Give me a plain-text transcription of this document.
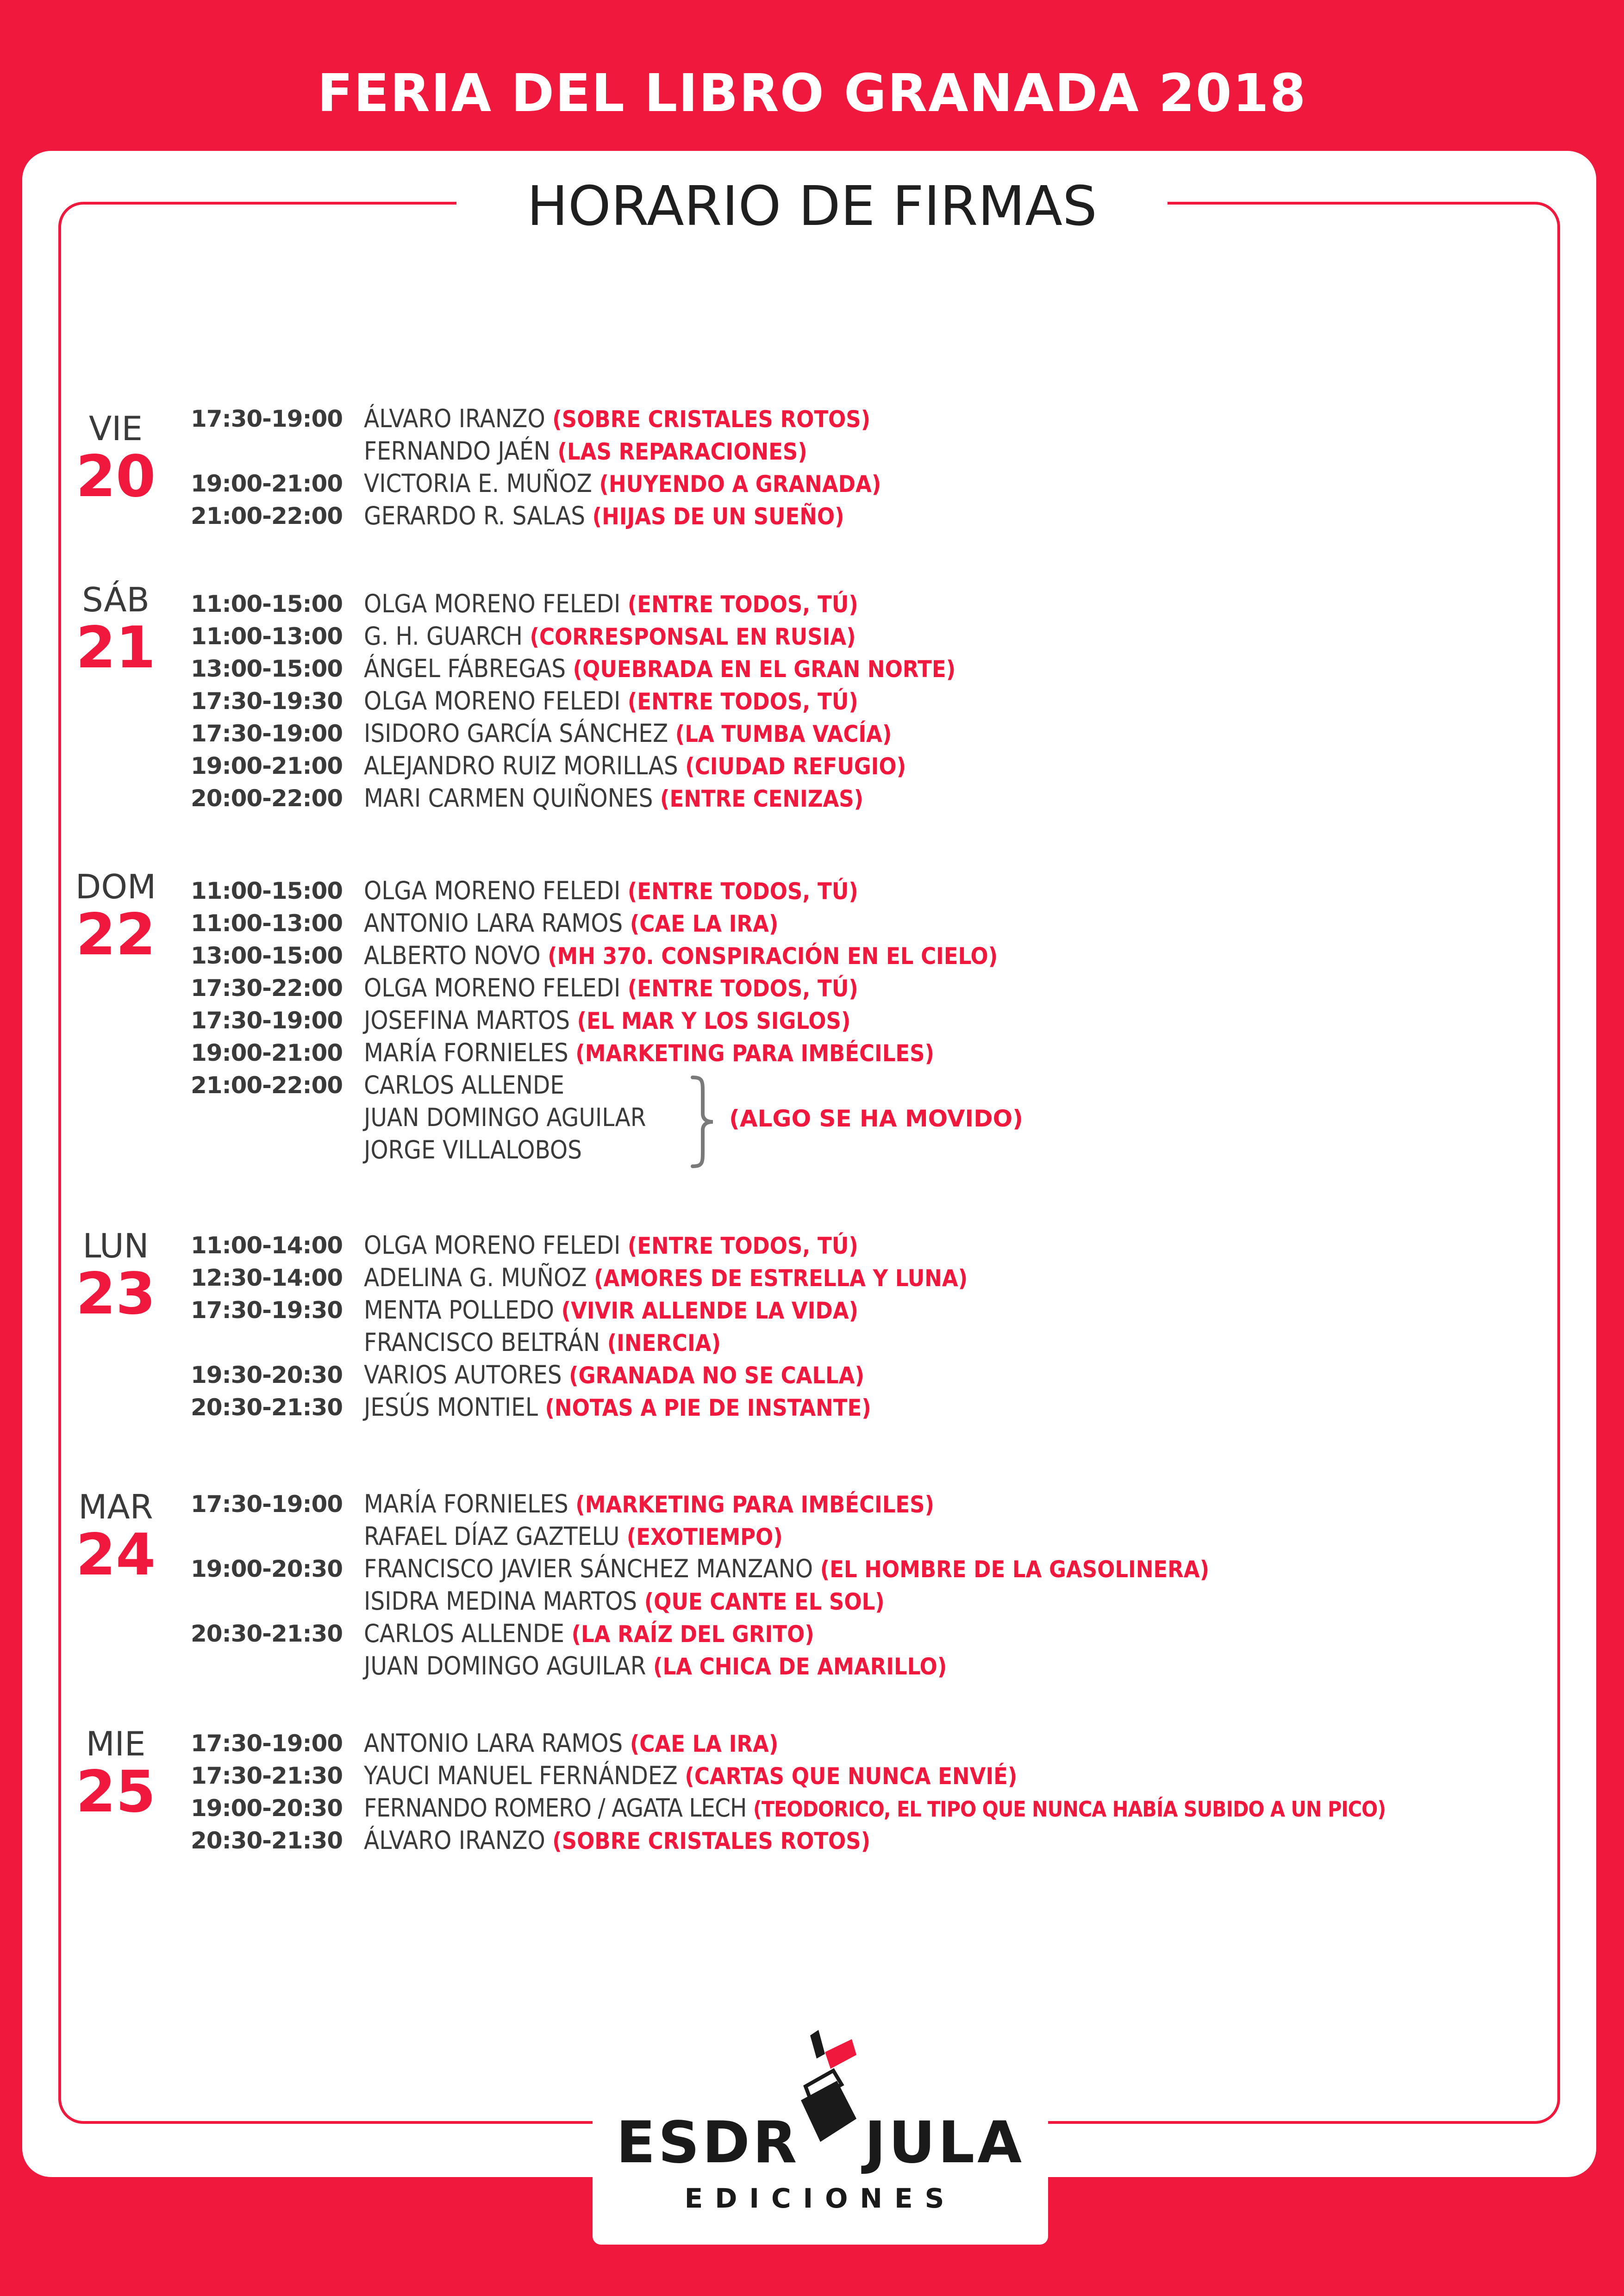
FERIA DEL LIBRO GRANADA 2018
HORARIO DE FIRMAS
VIE
20
17:30-19:00 ÁLVARO IRANZO (SOBRE CRISTALES ROTOS)
FERNANDO JAÉN (LAS REPARACIONES)
19:00-21:00 VICTORIA E. MUÑOZ (HUYENDO A GRANADA)
21:00-22:00 GERARDO R. SALAS (HIJAS DE UN SUEÑO)
SÁB
21
11:00-15:00 OLGA MORENO FELEDI (ENTRE TODOS, TÚ)
11:00-13:00 G. H. GUARCH (CORRESPONSAL EN RUSIA)
13:00-15:00 ÁNGEL FÁBREGAS (QUEBRADA EN EL GRAN NORTE)
17:30-19:30 OLGA MORENO FELEDI (ENTRE TODOS, TÚ)
17:30-19:00 ISIDORO GARCÍA SÁNCHEZ (LA TUMBA VACÍA)
19:00-21:00 ALEJANDRO RUIZ MORILLAS (CIUDAD REFUGIO)
20:00-22:00 MARI CARMEN QUIÑONES (ENTRE CENIZAS)
DOM
22
11:00-15:00 OLGA MORENO FELEDI (ENTRE TODOS, TÚ)
11:00-13:00 ANTONIO LARA RAMOS (CAE LA IRA)
13:00-15:00 ALBERTO NOVO (MH 370. CONSPIRACIÓN EN EL CIELO)
17:30-22:00 OLGA MORENO FELEDI (ENTRE TODOS, TÚ)
17:30-19:00 JOSEFINA MARTOS (EL MAR Y LOS SIGLOS)
19:00-21:00 MARÍA FORNIELES (MARKETING PARA IMBÉCILES)
21:00-22:00 CARLOS ALLENDE
JUAN DOMINGO AGUILAR
JORGE VILLALOBOS
(ALGO SE HA MOVIDO)
LUN
23
11:00-14:00 OLGA MORENO FELEDI (ENTRE TODOS, TÚ)
12:30-14:00 ADELINA G. MUÑOZ (AMORES DE ESTRELLA Y LUNA)
17:30-19:30 MENTA POLLEDO (VIVIR ALLENDE LA VIDA)
FRANCISCO BELTRÁN (INERCIA)
19:30-20:30 VARIOS AUTORES (GRANADA NO SE CALLA)
20:30-21:30 JESÚS MONTIEL (NOTAS A PIE DE INSTANTE)
MAR
24
17:30-19:00 MARÍA FORNIELES (MARKETING PARA IMBÉCILES)
RAFAEL DÍAZ GAZTELU (EXOTIEMPO)
19:00-20:30 FRANCISCO JAVIER SÁNCHEZ MANZANO (EL HOMBRE DE LA GASOLINERA)
ISIDRA MEDINA MARTOS (QUE CANTE EL SOL)
20:30-21:30 CARLOS ALLENDE (LA RAÍZ DEL GRITO)
JUAN DOMINGO AGUILAR (LA CHICA DE AMARILLO)
MIE
25
17:30-19:00 ANTONIO LARA RAMOS (CAE LA IRA)
17:30-21:30 YAUCI MANUEL FERNÁNDEZ (CARTAS QUE NUNCA ENVIÉ)
19:00-20:30 FERNANDO ROMERO / AGATA LECH (TEODORICO, EL TIPO QUE NUNCA HABÍA SUBIDO A UN PICO)
20:30-21:30 ÁLVARO IRANZO (SOBRE CRISTALES ROTOS)
ESDR JULA
EDICIONES
